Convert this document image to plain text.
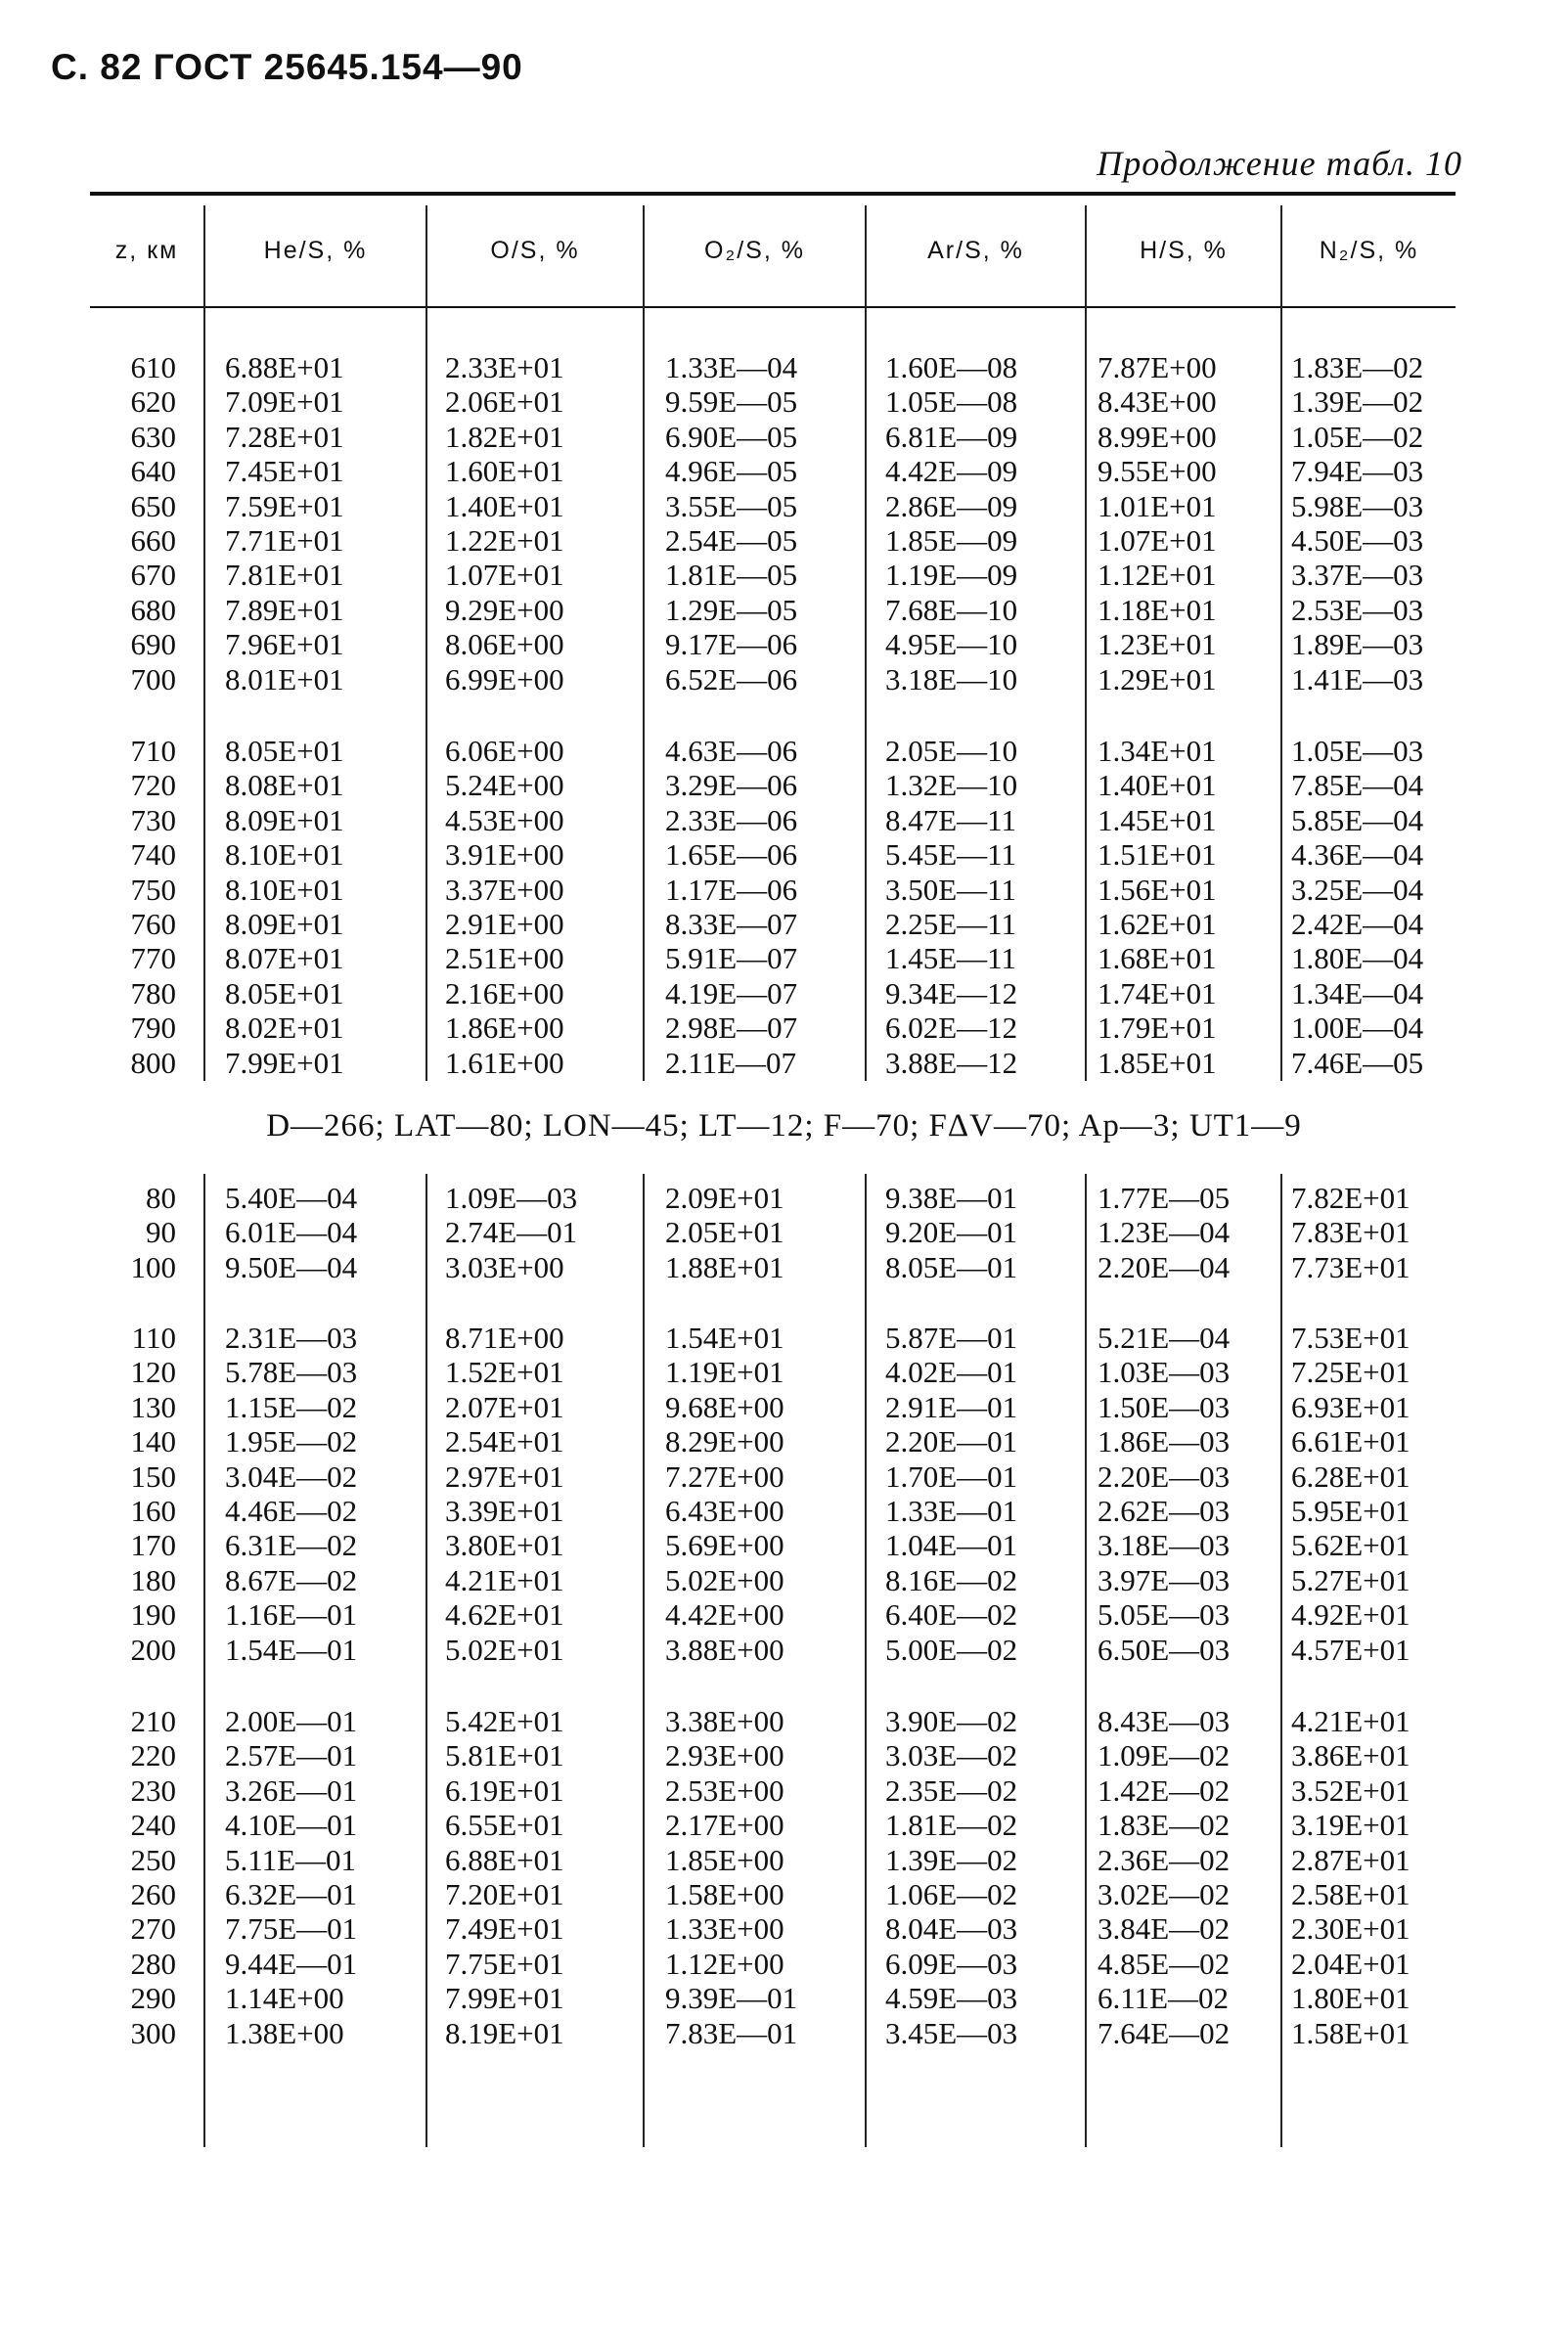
С. 82 ГОСТ 25645.154—90
Продолжение табл. 10
z, км	He/S, %	O/S, %	O₂/S, %	Ar/S, %	H/S, %	N₂/S, %
D—266; LAT—80; LON—45; LT—12; F—70; FΔV—70; Aр—3; UT1—9
610 6.88E+01	2.33E+01	1.33E—04	1.60E—08	7.87E+00 1.83E—02
620 7.09E+01	2.06E+01	9.59E—05	1.05E—08	8.43E+00 1.39E—02
630 7.28E+01	1.82E+01	6.90E—05	6.81E—09	8.99E+00 1.05E—02
640 7.45E+01	1.60E+01	4.96E—05	4.42E—09	9.55E+00 7.94E—03
650 7.59E+01	1.40E+01	3.55E—05	2.86E—09	1.01E+01 5.98E—03
660 7.71E+01	1.22E+01	2.54E—05	1.85E—09	1.07E+01 4.50E—03
670 7.81E+01	1.07E+01	1.81E—05	1.19E—09	1.12E+01 3.37E—03
680 7.89E+01	9.29E+00	1.29E—05	7.68E—10	1.18E+01 2.53E—03
690 7.96E+01	8.06E+00	9.17E—06	4.95E—10	1.23E+01 1.89E—03
700 8.01E+01	6.99E+00	6.52E—06	3.18E—10	1.29E+01 1.41E—03
710 8.05E+01	6.06E+00	4.63E—06	2.05E—10	1.34E+01 1.05E—03
720 8.08E+01	5.24E+00	3.29E—06	1.32E—10	1.40E+01 7.85E—04
730 8.09E+01	4.53E+00	2.33E—06	8.47E—11	1.45E+01 5.85E—04
740 8.10E+01	3.91E+00	1.65E—06	5.45E—11	1.51E+01 4.36E—04
750 8.10E+01	3.37E+00	1.17E—06	3.50E—11	1.56E+01 3.25E—04
760 8.09E+01	2.91E+00	8.33E—07	2.25E—11	1.62E+01 2.42E—04
770 8.07E+01	2.51E+00	5.91E—07	1.45E—11	1.68E+01 1.80E—04
780 8.05E+01	2.16E+00	4.19E—07	9.34E—12	1.74E+01 1.34E—04
790 8.02E+01	1.86E+00	2.98E—07	6.02E—12	1.79E+01 1.00E—04
800 7.99E+01	1.61E+00	2.11E—07	3.88E—12	1.85E+01 7.46E—05
80 5.40E—04	1.09E—03	2.09E+01	9.38E—01	1.77E—05 7.82E+01
90 6.01E—04	2.74E—01	2.05E+01	9.20E—01	1.23E—04 7.83E+01
100 9.50E—04	3.03E+00	1.88E+01	8.05E—01	2.20E—04 7.73E+01
110 2.31E—03	8.71E+00	1.54E+01	5.87E—01	5.21E—04 7.53E+01
120 5.78E—03	1.52E+01	1.19E+01	4.02E—01	1.03E—03 7.25E+01
130 1.15E—02	2.07E+01	9.68E+00	2.91E—01	1.50E—03 6.93E+01
140 1.95E—02	2.54E+01	8.29E+00	2.20E—01	1.86E—03 6.61E+01
150 3.04E—02	2.97E+01	7.27E+00	1.70E—01	2.20E—03 6.28E+01
160 4.46E—02	3.39E+01	6.43E+00	1.33E—01	2.62E—03 5.95E+01
170 6.31E—02	3.80E+01	5.69E+00	1.04E—01	3.18E—03 5.62E+01
180 8.67E—02	4.21E+01	5.02E+00	8.16E—02	3.97E—03 5.27E+01
190 1.16E—01	4.62E+01	4.42E+00	6.40E—02	5.05E—03 4.92E+01
200 1.54E—01	5.02E+01	3.88E+00	5.00E—02	6.50E—03 4.57E+01
210 2.00E—01	5.42E+01	3.38E+00	3.90E—02	8.43E—03 4.21E+01
220 2.57E—01	5.81E+01	2.93E+00	3.03E—02	1.09E—02 3.86E+01
230 3.26E—01	6.19E+01	2.53E+00	2.35E—02	1.42E—02 3.52E+01
240 4.10E—01	6.55E+01	2.17E+00	1.81E—02	1.83E—02 3.19E+01
250 5.11E—01	6.88E+01	1.85E+00	1.39E—02	2.36E—02 2.87E+01
260 6.32E—01	7.20E+01	1.58E+00	1.06E—02	3.02E—02 2.58E+01
270 7.75E—01	7.49E+01	1.33E+00	8.04E—03	3.84E—02 2.30E+01
280 9.44E—01	7.75E+01	1.12E+00	6.09E—03	4.85E—02 2.04E+01
290 1.14E+00	7.99E+01	9.39E—01	4.59E—03	6.11E—02 1.80E+01
300 1.38E+00	8.19E+01	7.83E—01	3.45E—03	7.64E—02 1.58E+01
